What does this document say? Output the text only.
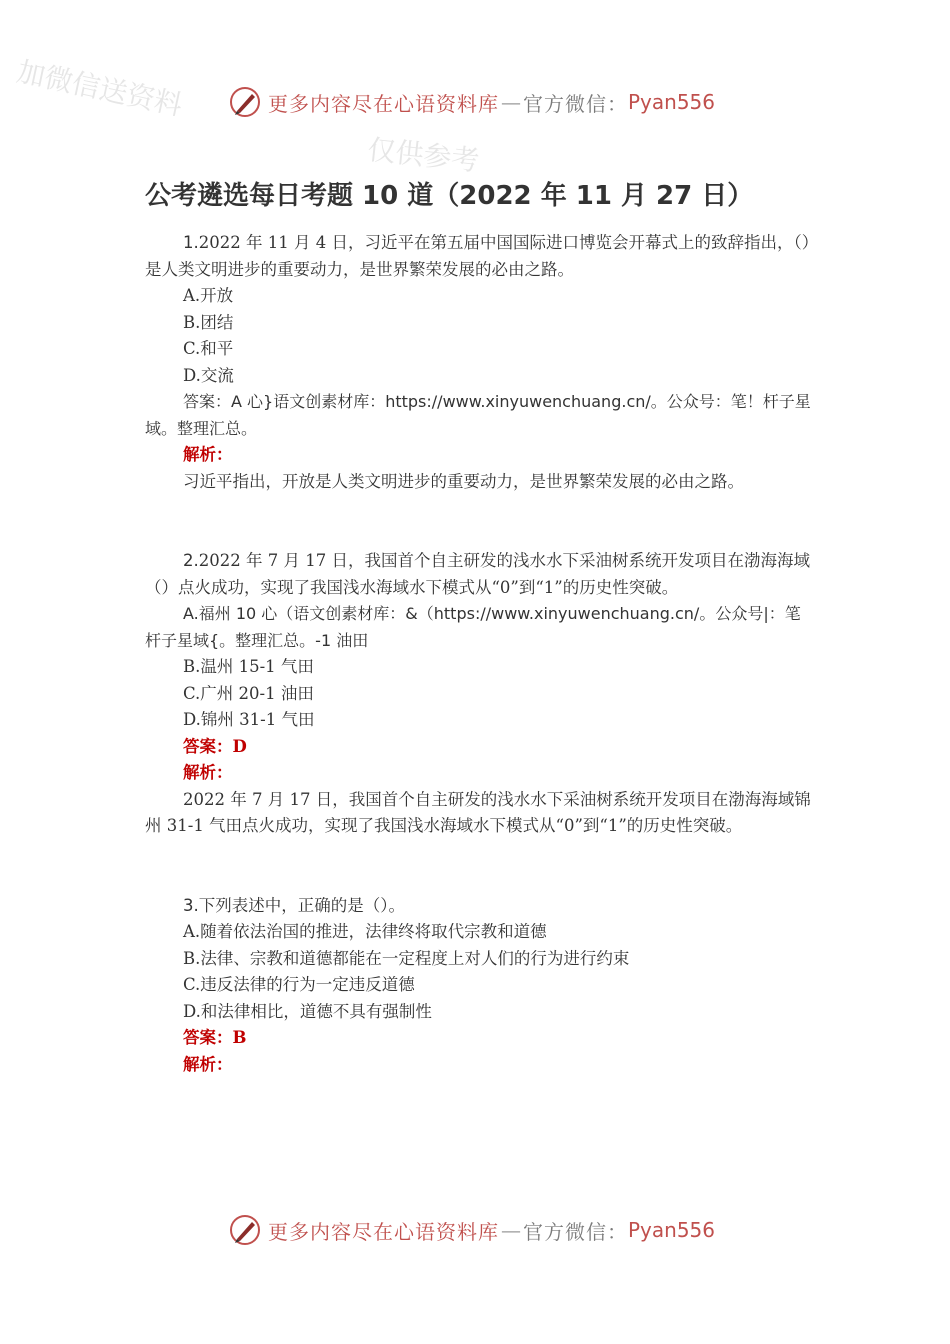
加微信送资料
仅供参考
更多内容尽在心语资料库 — 官方微信： Pyan556
公考遴选每日考题 10 道（2022 年 11 月 27 日）

1.2022 年 11 月 4 日，习近平在第五届中国国际进口博览会开幕式上的致辞指出，（）是人类文明进步的重要动力，是世界繁荣发展的必由之路。

A.开放

B.团结

C.和平

D.交流

答案：A 心}语文创素材库：https://www.xinyuwenchuang.cn/。公众号：笔！杆子星域。整理汇总。

解析：

习近平指出，开放是人类文明进步的重要动力，是世界繁荣发展的必由之路。

2.2022 年 7 月 17 日，我国首个自主研发的浅水水下采油树系统开发项目在渤海海域（）点火成功，实现了我国浅水海域水下模式从“0”到“1”的历史性突破。

A.福州 10 心（语文创素材库：&（https://www.xinyuwenchuang.cn/。公众号|：笔杆子星域{。整理汇总。-1 油田

B.温州 15-1 气田

C.广州 20-1 油田

D.锦州 31-1 气田

答案：D

解析：

2022 年 7 月 17 日，我国首个自主研发的浅水水下采油树系统开发项目在渤海海域锦州 31-1 气田点火成功，实现了我国浅水海域水下模式从“0”到“1”的历史性突破。

3.下列表述中，正确的是（）。

A.随着依法治国的推进，法律终将取代宗教和道德

B.法律、宗教和道德都能在一定程度上对人们的行为进行约束

C.违反法律的行为一定违反道德

D.和法律相比，道德不具有强制性

答案：B

解析：

更多内容尽在心语资料库 — 官方微信： Pyan556
